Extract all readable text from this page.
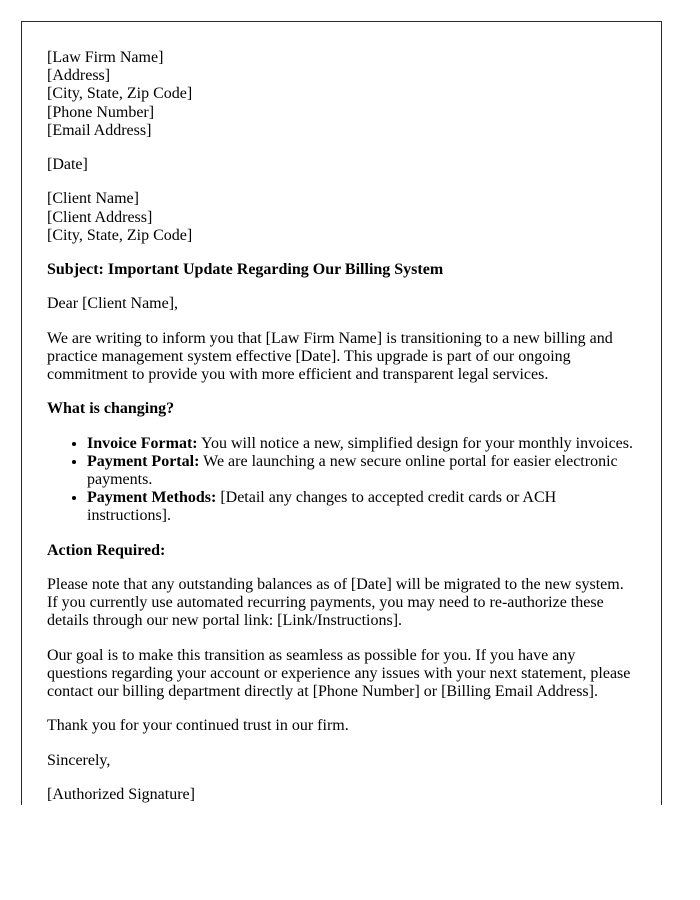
[Law Firm Name]
[Address]
[City, State, Zip Code]
[Phone Number]
[Email Address]

[Date]

[Client Name]
[Client Address]
[City, State, Zip Code]

Subject: Important Update Regarding Our Billing System

Dear [Client Name],

We are writing to inform you that [Law Firm Name] is transitioning to a new billing and practice management system effective [Date]. This upgrade is part of our ongoing commitment to provide you with more efficient and transparent legal services.

What is changing?

• Invoice Format: You will notice a new, simplified design for your monthly invoices.
• Payment Portal: We are launching a new secure online portal for easier electronic payments.
• Payment Methods: [Detail any changes to accepted credit cards or ACH instructions].

Action Required:

Please note that any outstanding balances as of [Date] will be migrated to the new system. If you currently use automated recurring payments, you may need to re-authorize these details through our new portal link: [Link/Instructions].

Our goal is to make this transition as seamless as possible for you. If you have any questions regarding your account or experience any issues with your next statement, please contact our billing department directly at [Phone Number] or [Billing Email Address].

Thank you for your continued trust in our firm.

Sincerely,

[Authorized Signature]
